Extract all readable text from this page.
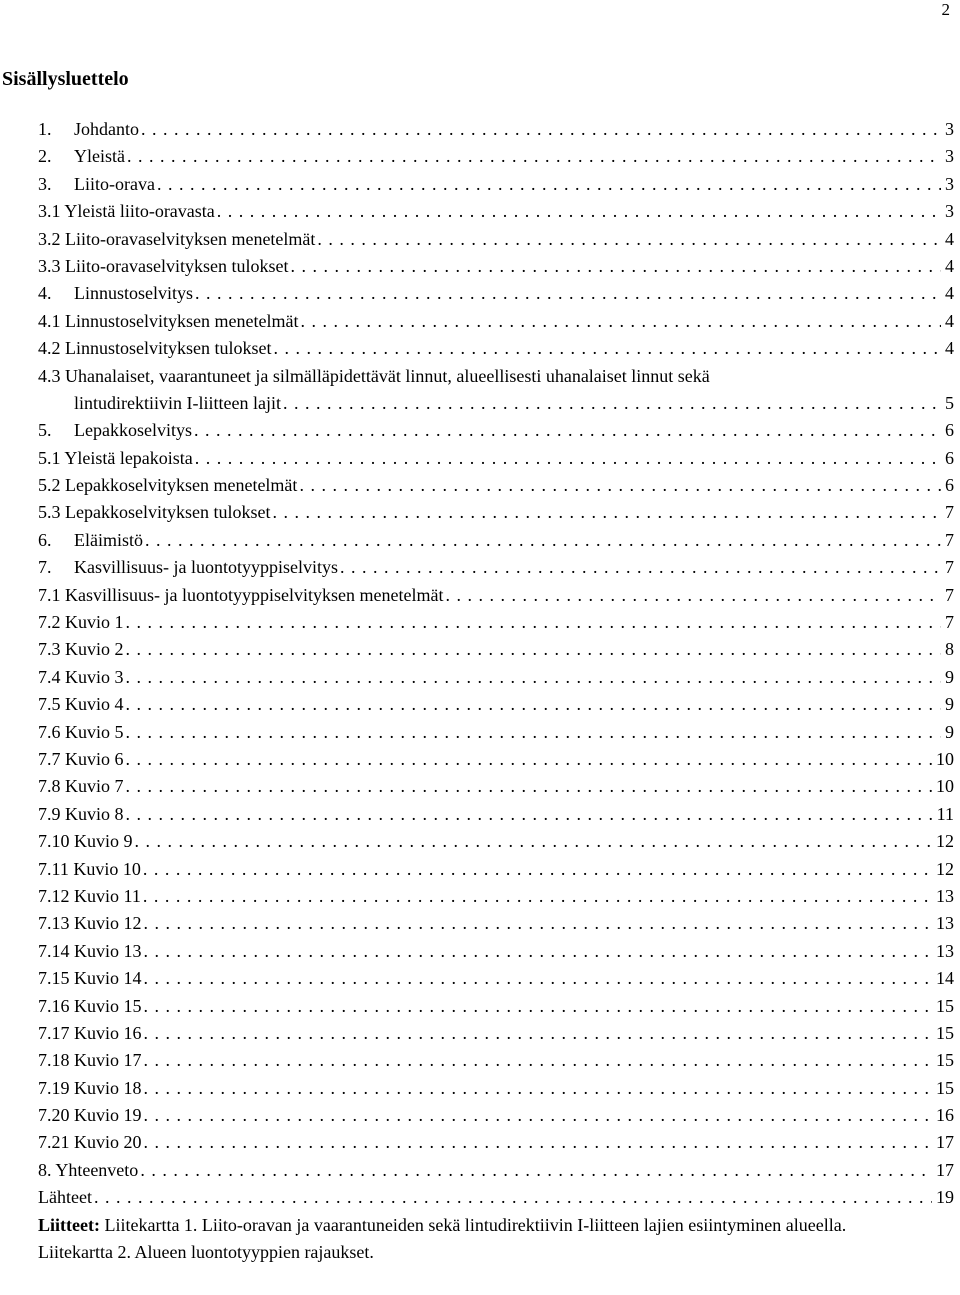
2
Sisällysluettelo
1.	Johdanto . . .	3
2.	Yleistä . . .	3
3.	Liito-orava . . .	3
3.1 Yleistä liito-oravasta . . .	3
3.2 Liito-oravaselvityksen menetelmät . . .	4
3.3 Liito-oravaselvityksen tulokset . . .	4
4.	Linnustoselvitys . . .	4
4.1 Linnustoselvityksen menetelmät . . .	4
4.2 Linnustoselvityksen tulokset . . .	4
4.3 Uhanalaiset, vaarantuneet ja silmälläpidettävät linnut, alueellisesti uhanalaiset linnut sekä
lintudirektiivin I-liitteen lajit . . .	5
5.	Lepakkoselvitys . . .	6
5.1 Yleistä lepakoista . . .	6
5.2 Lepakkoselvityksen menetelmät . . .	6
5.3 Lepakkoselvityksen tulokset . . .	7
6.	Eläimistö . . .	7
7.	Kasvillisuus- ja luontotyyppiselvitys . . .	7
7.1 Kasvillisuus- ja luontotyyppiselvityksen menetelmät . . .	7
7.2 Kuvio 1 . . .	7
7.3 Kuvio 2 . . .	8
7.4 Kuvio 3 . . .	9
7.5 Kuvio 4 . . .	9
7.6 Kuvio 5 . . .	9
7.7 Kuvio 6 . . .	10
7.8 Kuvio 7 . . .	10
7.9 Kuvio 8 . . .	11
7.10 Kuvio 9 . . .	12
7.11 Kuvio 10 . . .	12
7.12 Kuvio 11 . . .	13
7.13 Kuvio 12 . . .	13
7.14 Kuvio 13 . . .	13
7.15 Kuvio 14 . . .	14
7.16 Kuvio 15 . . .	15
7.17 Kuvio 16 . . .	15
7.18 Kuvio 17 . . .	15
7.19 Kuvio 18 . . .	15
7.20 Kuvio 19 . . .	16
7.21 Kuvio 20 . . .	17
8. Yhteenveto . . .	17
Lähteet . . .	19

Liitteet: Liitekartta 1. Liito-oravan ja vaarantuneiden sekä lintudirektiivin I-liitteen lajien esiintyminen alueella.

Liitekartta 2. Alueen luontotyyppien rajaukset.
